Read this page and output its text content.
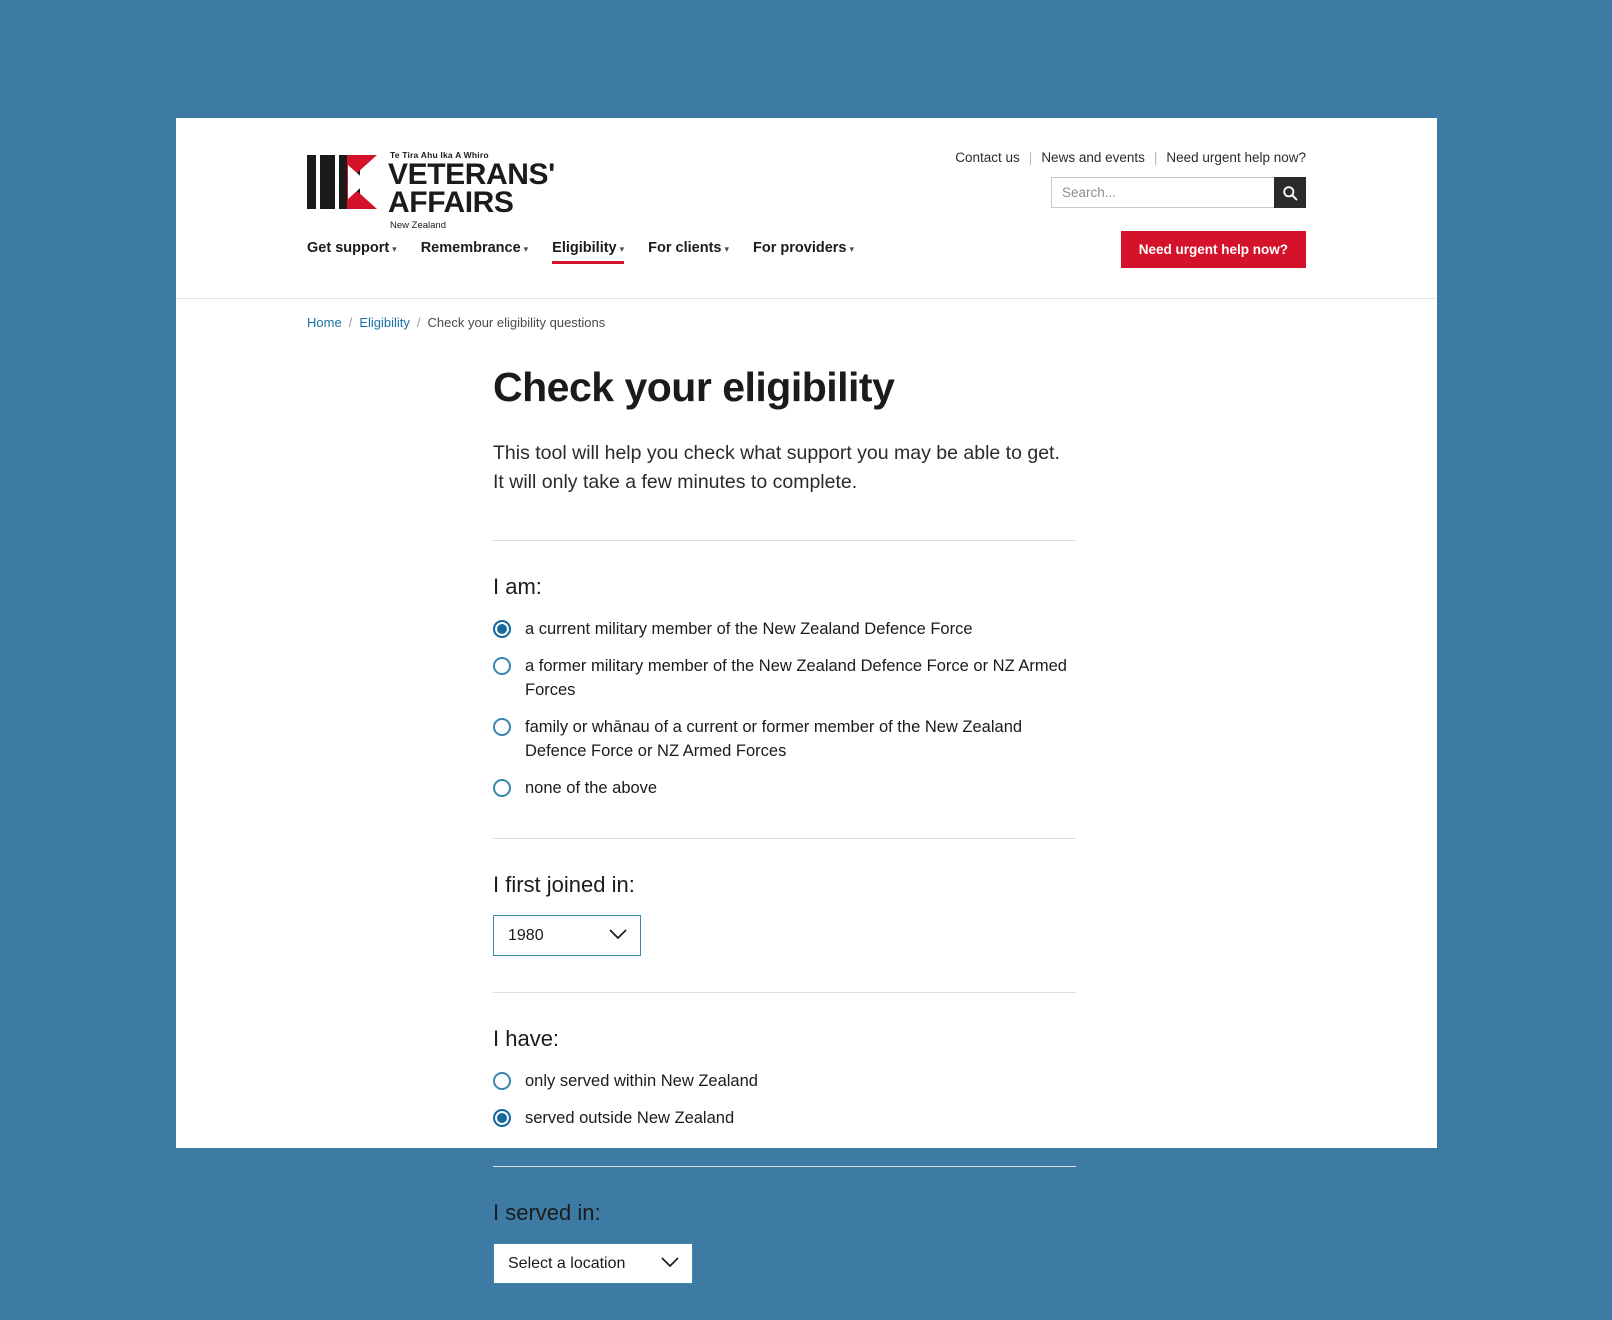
Te Tira Ahu Ika A Whiro
VETERANS'
AFFAIRS
New Zealand
Contact us | News and events | Need urgent help now?
Search...
Get support ▾ Remembrance ▾ Eligibility ▾ For clients ▾ For providers ▾	Need urgent help now?
Home / Eligibility / Check your eligibility questions
Check your eligibility

This tool will help you check what support you may be able to get. It will only take a few minutes to complete.

I am:
a current military member of the New Zealand Defence Force
a former military member of the New Zealand Defence Force or NZ Armed Forces
family or whānau of a current or former member of the New Zealand Defence Force or NZ Armed Forces
none of the above
I first joined in:
1980
I have:
only served within New Zealand
served outside New Zealand
I served in:
Select a location
